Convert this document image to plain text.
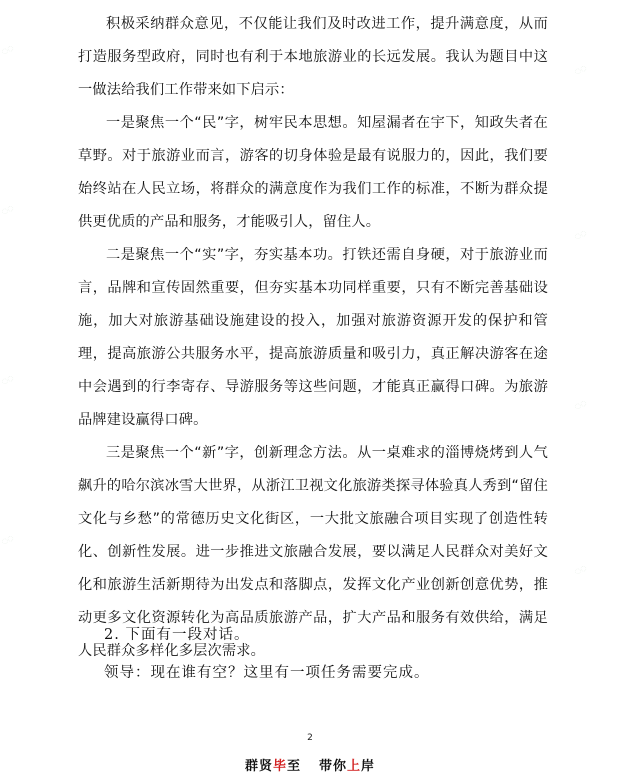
积极采纳群众意见，不仅能让我们及时改进工作，提升满意度，从而打造服务型政府，同时也有利于本地旅游业的长远发展。我认为题目中这一做法给我们工作带来如下启示：

一是聚焦一个“民”字，树牢民本思想。知屋漏者在宇下，知政失者在草野。对于旅游业而言，游客的切身体验是最有说服力的，因此，我们要始终站在人民立场，将群众的满意度作为我们工作的标准，不断为群众提供更优质的产品和服务，才能吸引人，留住人。

二是聚焦一个“实”字，夯实基本功。打铁还需自身硬，对于旅游业而言，品牌和宣传固然重要，但夯实基本功同样重要，只有不断完善基础设施，加大对旅游基础设施建设的投入，加强对旅游资源开发的保护和管理，提高旅游公共服务水平，提高旅游质量和吸引力，真正解决游客在途中会遇到的行李寄存、导游服务等这些问题，才能真正赢得口碑。为旅游品牌建设赢得口碑。

三是聚焦一个“新”字，创新理念方法。从一桌难求的淄博烧烤到人气飙升的哈尔滨冰雪大世界，从浙江卫视文化旅游类探寻体验真人秀到“留住文化与乡愁”的常德历史文化街区，一大批文旅融合项目实现了创造性转化、创新性发展。进一步推进文旅融合发展，要以满足人民群众对美好文化和旅游生活新期待为出发点和落脚点，发挥文化产业创新创意优势，推动更多文化资源转化为高品质旅游产品，扩大产品和服务有效供给，满足人民群众多样化多层次需求。

2. 下面有一段对话。

领导：现在谁有空？这里有一项任务需要完成。

2
群贤毕至 带你上岸
◌◌
◌◌
◌◌
◌◌
◌◌
◌◌
◌◌
◌◌
